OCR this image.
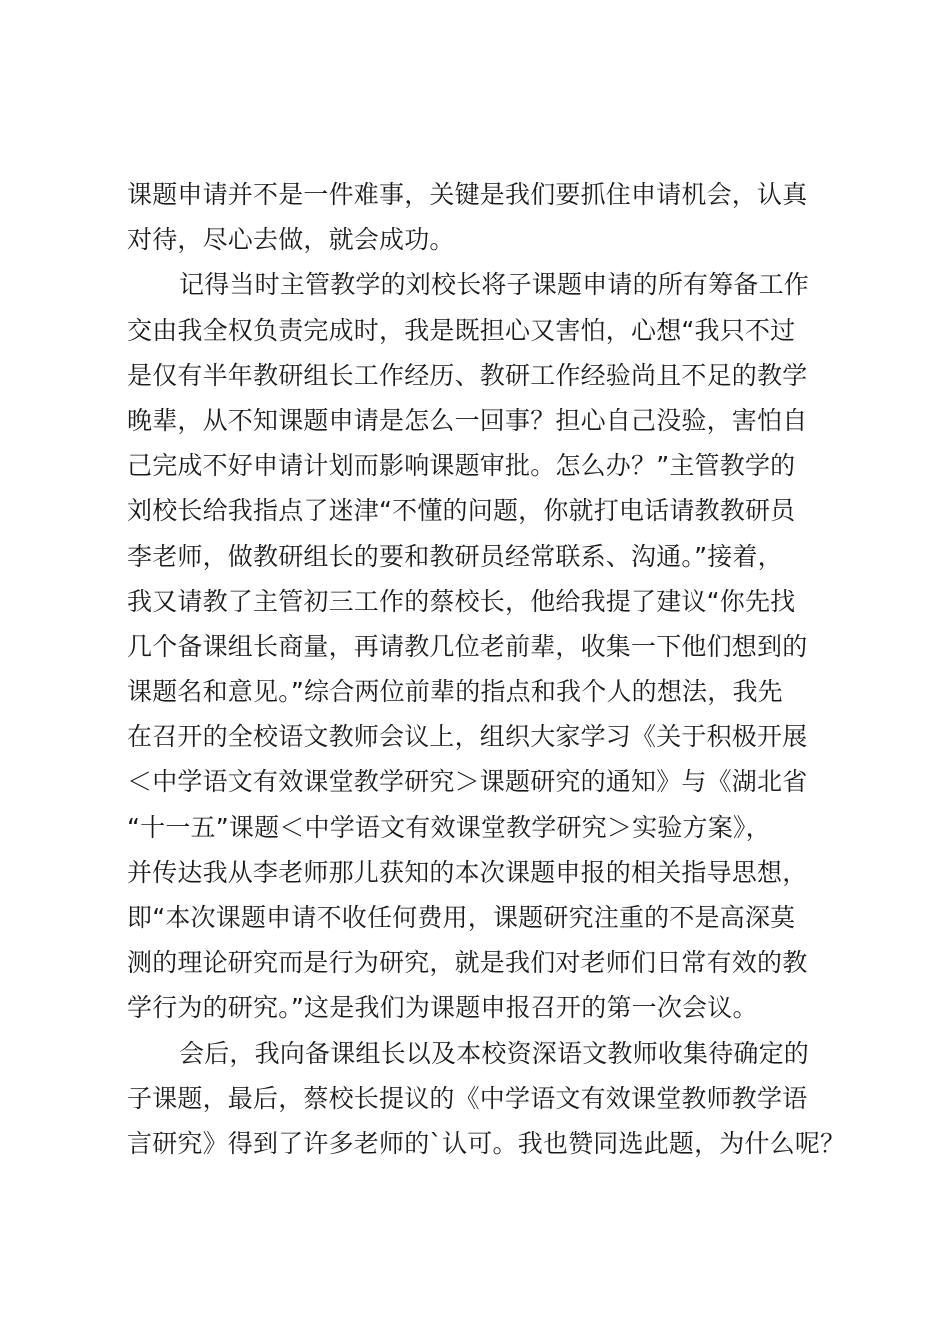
课题申请并不是一件难事，关键是我们要抓住申请机会，认真
对待，尽心去做，就会成功。
记得当时主管教学的刘校长将子课题申请的所有筹备工作
交由我全权负责完成时，我是既担心又害怕，心想“我只不过
是仅有半年教研组长工作经历、教研工作经验尚且不足的教学
晚辈，从不知课题申请是怎么一回事？担心自己没验，害怕自
己完成不好申请计划而影响课题审批。怎么办？”主管教学的
刘校长给我指点了迷津“不懂的问题，你就打电话请教教研员
李老师，做教研组长的要和教研员经常联系、沟通。”接着，
我又请教了主管初三工作的蔡校长，他给我提了建议“你先找
几个备课组长商量，再请教几位老前辈，收集一下他们想到的
课题名和意见。”综合两位前辈的指点和我个人的想法，我先
在召开的全校语文教师会议上，组织大家学习《关于积极开展
＜中学语文有效课堂教学研究＞课题研究的通知》与《湖北省
“十一五”课题＜中学语文有效课堂教学研究＞实验方案》，
并传达我从李老师那儿获知的本次课题申报的相关指导思想，
即“本次课题申请不收任何费用，课题研究注重的不是高深莫
测的理论研究而是行为研究，就是我们对老师们日常有效的教
学行为的研究。”这是我们为课题申报召开的第一次会议。
会后，我向备课组长以及本校资深语文教师收集待确定的
子课题，最后，蔡校长提议的《中学语文有效课堂教师教学语
言研究》得到了许多老师的`认可。我也赞同选此题，为什么呢？
